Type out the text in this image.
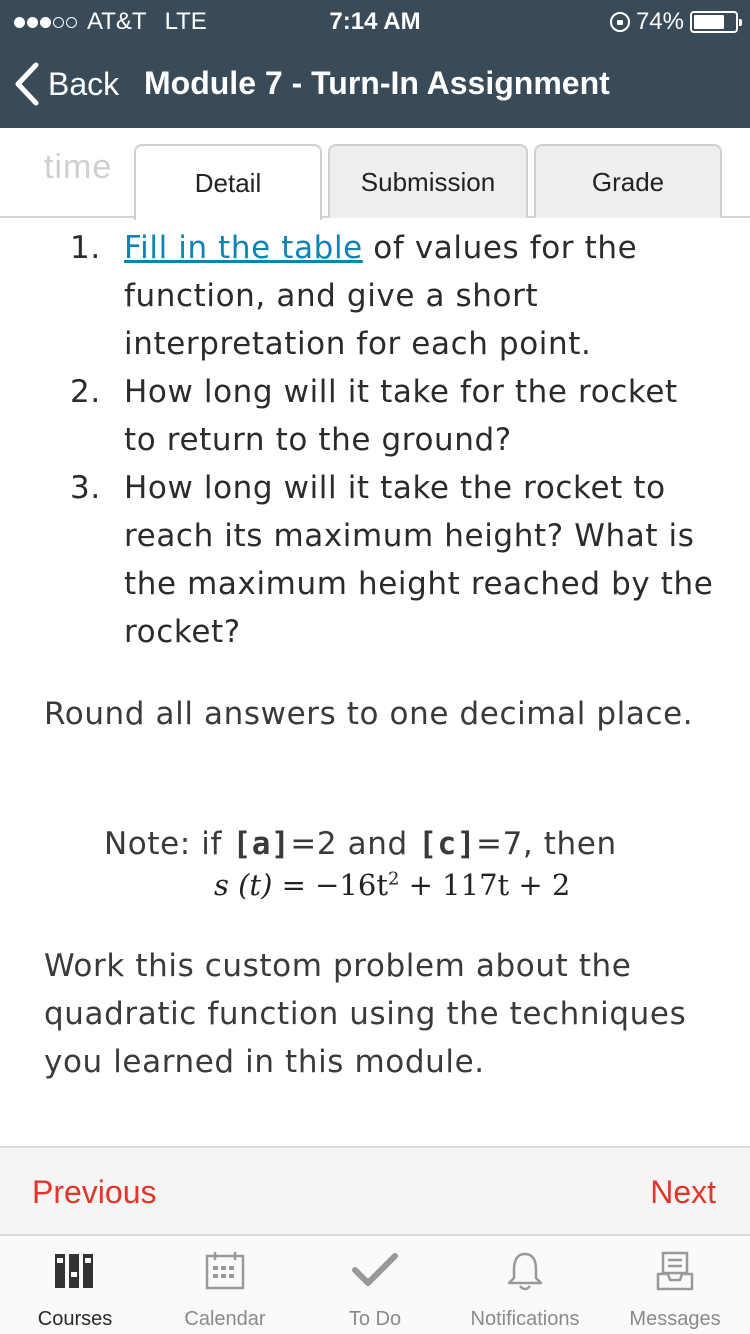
AT&T LTE	7:14 AM	74%
Back Module 7 - Turn-In Assignment
time	Detail	Submission	Grade
1. Fill in the table of values for the function, and give a short interpretation for each point.
2. How long will it take for the rocket to return to the ground?
3. How long will it take the rocket to reach its maximum height? What is the maximum height reached by the rocket?
Round all answers to one decimal place.
Note: if [a]=2 and [c]=7, then
s $(t) = -16t^2 + 117t + 2$
Work this custom problem about the quadratic function using the techniques you learned in this module.
Previous	Next
Courses	Calendar	To Do	Notifications	Messages
